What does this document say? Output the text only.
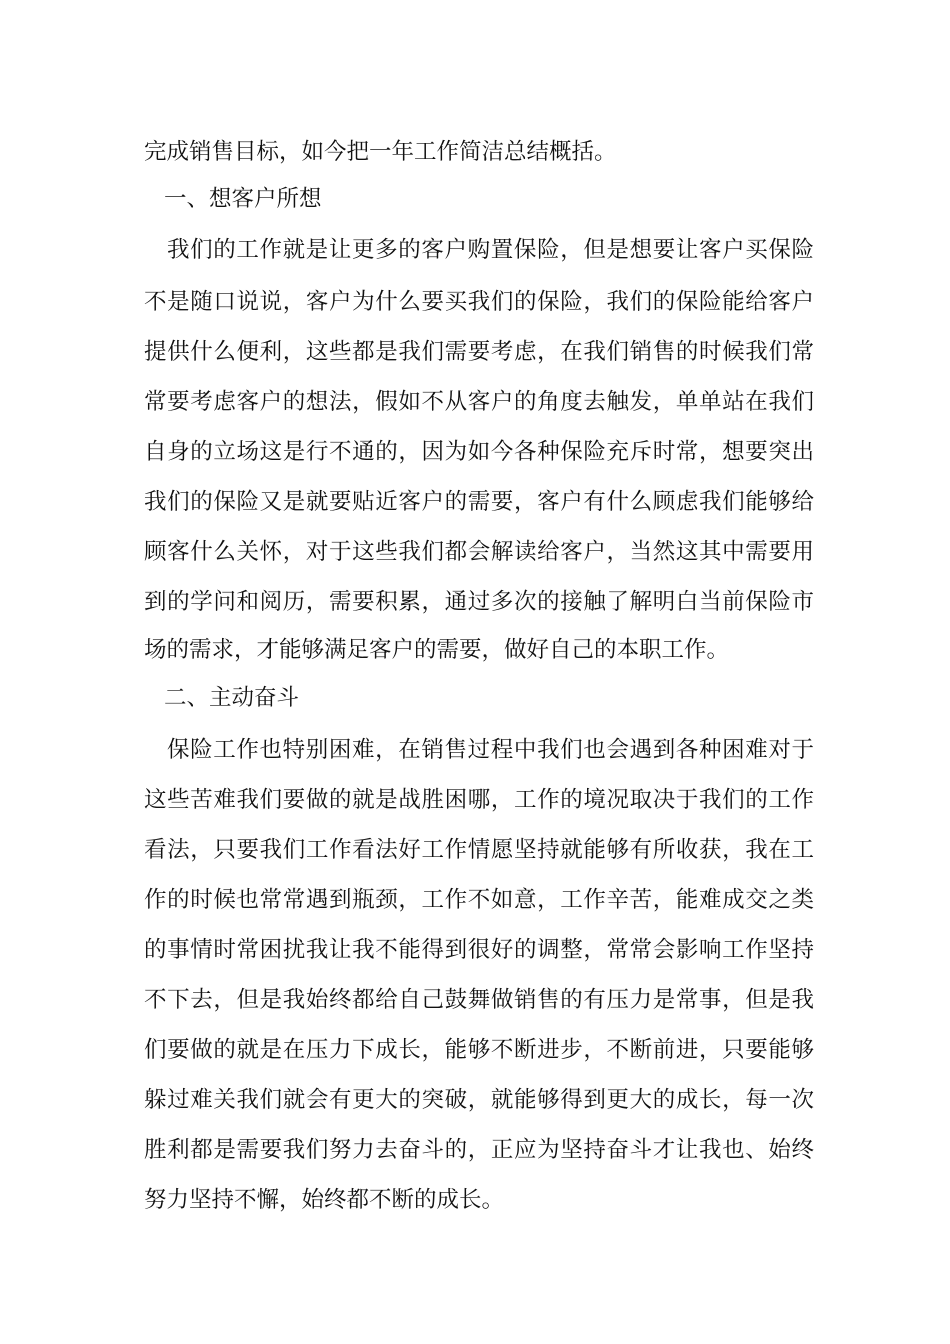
完成销售目标，如今把一年工作简洁总结概括。
一、想客户所想
我们的工作就是让更多的客户购置保险，但是想要让客户买保险
不是随口说说，客户为什么要买我们的保险，我们的保险能给客户
提供什么便利，这些都是我们需要考虑，在我们销售的时候我们常
常要考虑客户的想法，假如不从客户的角度去触发，单单站在我们
自身的立场这是行不通的，因为如今各种保险充斥时常，想要突出
我们的保险又是就要贴近客户的需要，客户有什么顾虑我们能够给
顾客什么关怀，对于这些我们都会解读给客户，当然这其中需要用
到的学问和阅历，需要积累，通过多次的接触了解明白当前保险市
场的需求，才能够满足客户的需要，做好自己的本职工作。
二、主动奋斗
保险工作也特别困难，在销售过程中我们也会遇到各种困难对于
这些苦难我们要做的就是战胜困哪，工作的境况取决于我们的工作
看法，只要我们工作看法好工作情愿坚持就能够有所收获，我在工
作的时候也常常遇到瓶颈，工作不如意，工作辛苦，能难成交之类
的事情时常困扰我让我不能得到很好的调整，常常会影响工作坚持
不下去，但是我始终都给自己鼓舞做销售的有压力是常事，但是我
们要做的就是在压力下成长，能够不断进步，不断前进，只要能够
躲过难关我们就会有更大的突破，就能够得到更大的成长，每一次
胜利都是需要我们努力去奋斗的，正应为坚持奋斗才让我也、始终
努力坚持不懈，始终都不断的成长。
